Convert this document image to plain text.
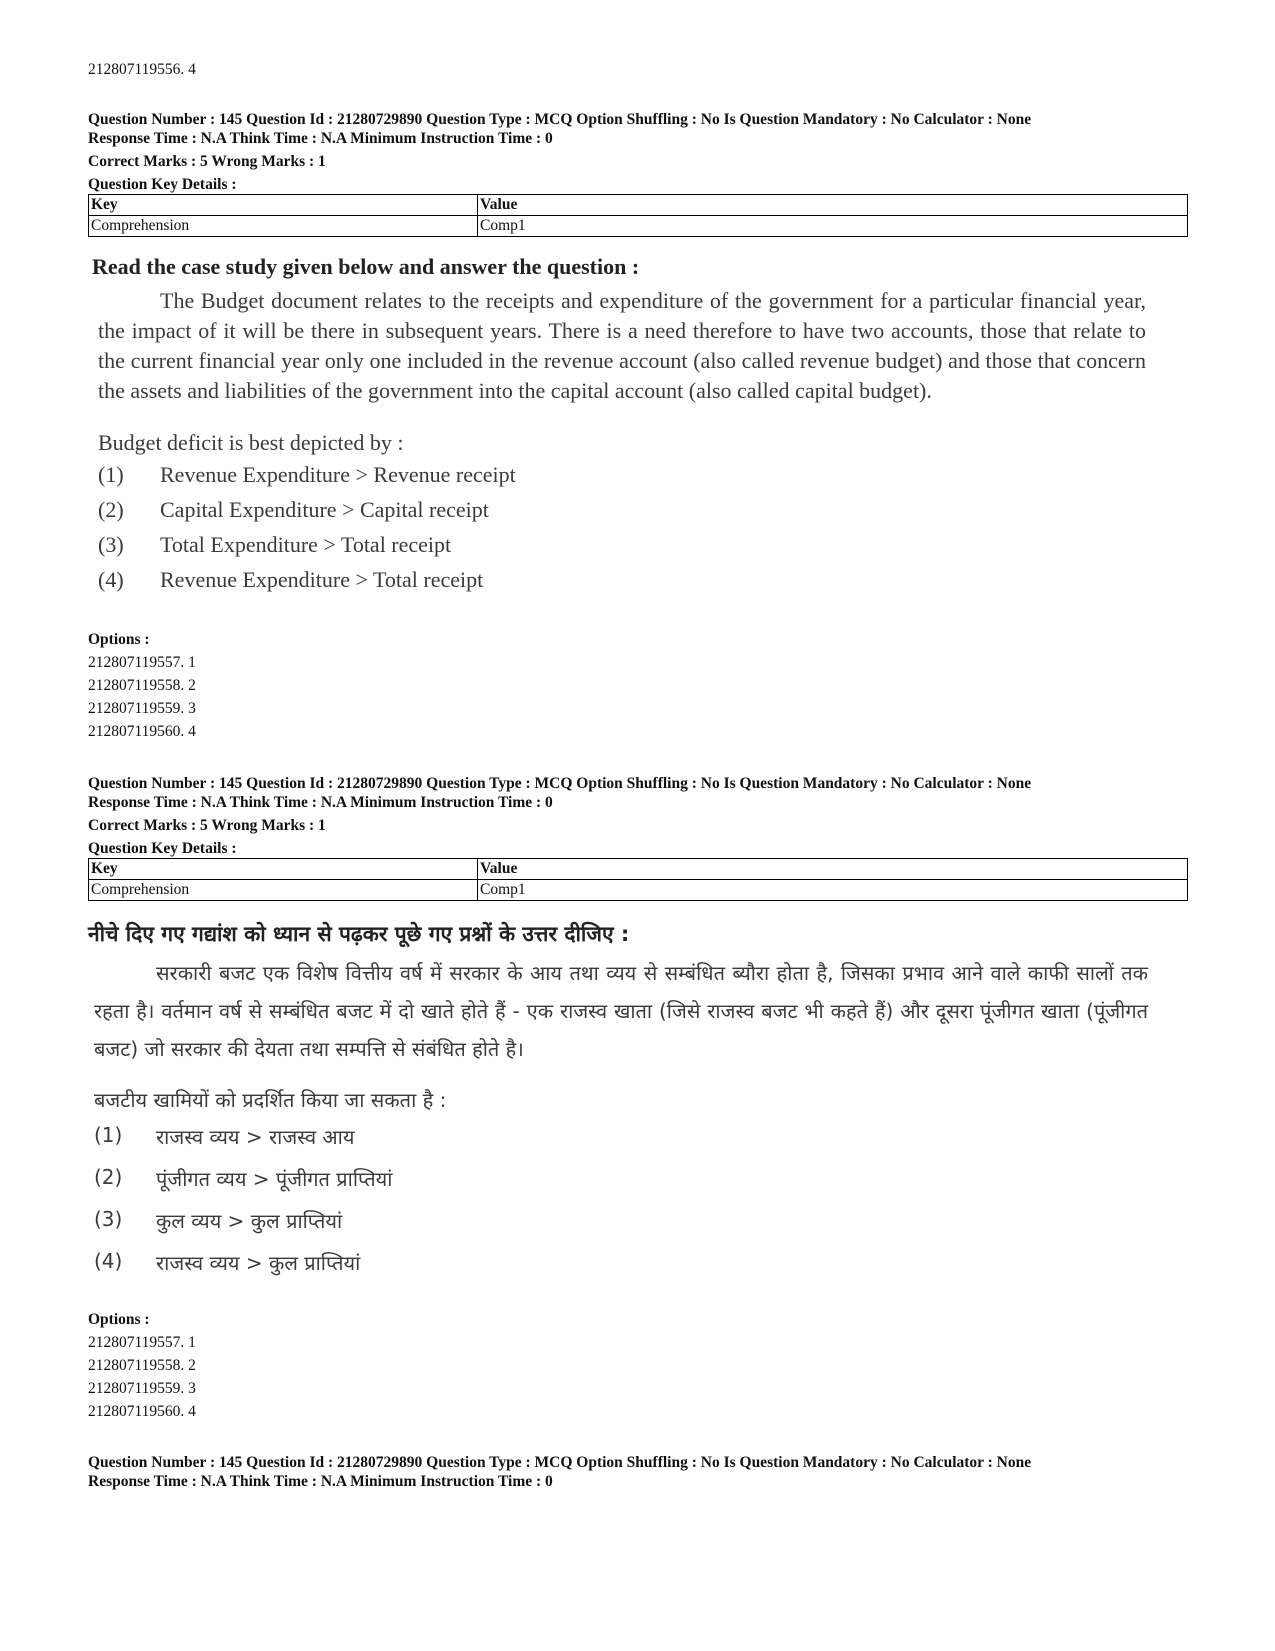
212807119556. 4
Question Number : 145 Question Id : 21280729890 Question Type : MCQ Option Shuffling : No Is Question Mandatory : No Calculator : None
Response Time : N.A Think Time : N.A Minimum Instruction Time : 0
Correct Marks : 5 Wrong Marks : 1
Question Key Details :
Key	Value
Comprehension	Comp1
Read the case study given below and answer the question :
The Budget document relates to the receipts and expenditure of the government for a particular financial year, the impact of it will be there in subsequent years. There is a need therefore to have two accounts, those that relate to the current financial year only one included in the revenue account (also called revenue budget) and those that concern the assets and liabilities of the government into the capital account (also called capital budget).
Budget deficit is best depicted by :
(1)	Revenue Expenditure > Revenue receipt
(2)	Capital Expenditure > Capital receipt
(3)	Total Expenditure > Total receipt
(4)	Revenue Expenditure > Total receipt
Options :
212807119557. 1
212807119558. 2
212807119559. 3
212807119560. 4
Question Number : 145 Question Id : 21280729890 Question Type : MCQ Option Shuffling : No Is Question Mandatory : No Calculator : None
Response Time : N.A Think Time : N.A Minimum Instruction Time : 0
Correct Marks : 5 Wrong Marks : 1
Question Key Details :
Key	Value
Comprehension	Comp1
नीचे दिए गए गद्यांश को ध्यान से पढ़कर पूछे गए प्रश्नों के उत्तर दीजिए :
सरकारी बजट एक विशेष वित्तीय वर्ष में सरकार के आय तथा व्यय से सम्बंधित ब्यौरा होता है, जिसका प्रभाव आने वाले काफी सालों तक रहता है। वर्तमान वर्ष से सम्बंधित बजट में दो खाते होते हैं - एक राजस्व खाता (जिसे राजस्व बजट भी कहते हैं) और दूसरा पूंजीगत खाता (पूंजीगत बजट) जो सरकार की देयता तथा सम्पत्ति से संबंधित होते है।
बजटीय खामियों को प्रदर्शित किया जा सकता है :
(1)	राजस्व व्यय > राजस्व आय
(2)	पूंजीगत व्यय > पूंजीगत प्राप्तियां
(3)	कुल व्यय > कुल प्राप्तियां
(4)	राजस्व व्यय > कुल प्राप्तियां
Options :
212807119557. 1
212807119558. 2
212807119559. 3
212807119560. 4
Question Number : 145 Question Id : 21280729890 Question Type : MCQ Option Shuffling : No Is Question Mandatory : No Calculator : None
Response Time : N.A Think Time : N.A Minimum Instruction Time : 0
